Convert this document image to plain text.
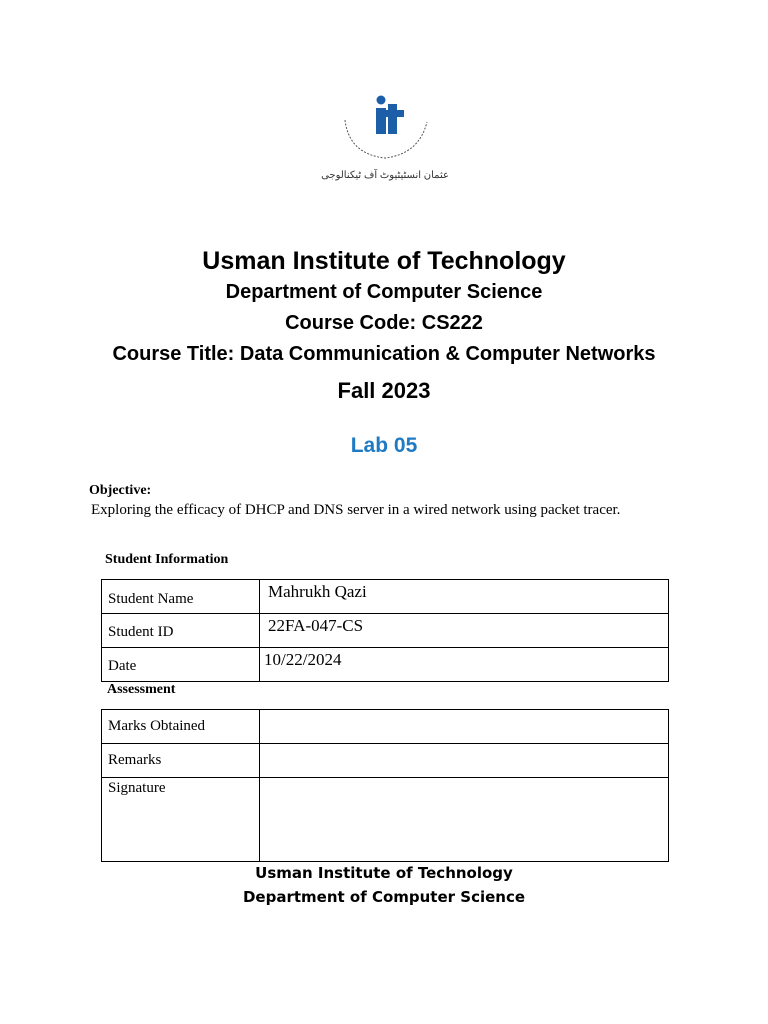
عثمان انسٹیٹیوٹ آف ٹیکنالوجی
Usman Institute of Technology
Department of Computer Science
Course Code: CS222
Course Title: Data Communication & Computer Networks
Fall 2023
Lab 05
Objective:
Exploring the efficacy of DHCP and DNS server in a wired network using packet tracer.
Student Information
Student Name	Mahrukh Qazi
Student ID	22FA-047-CS
Date	10/22/2024
Assessment
Marks Obtained	
Remarks	
Signature	
Usman Institute of Technology
Department of Computer Science
